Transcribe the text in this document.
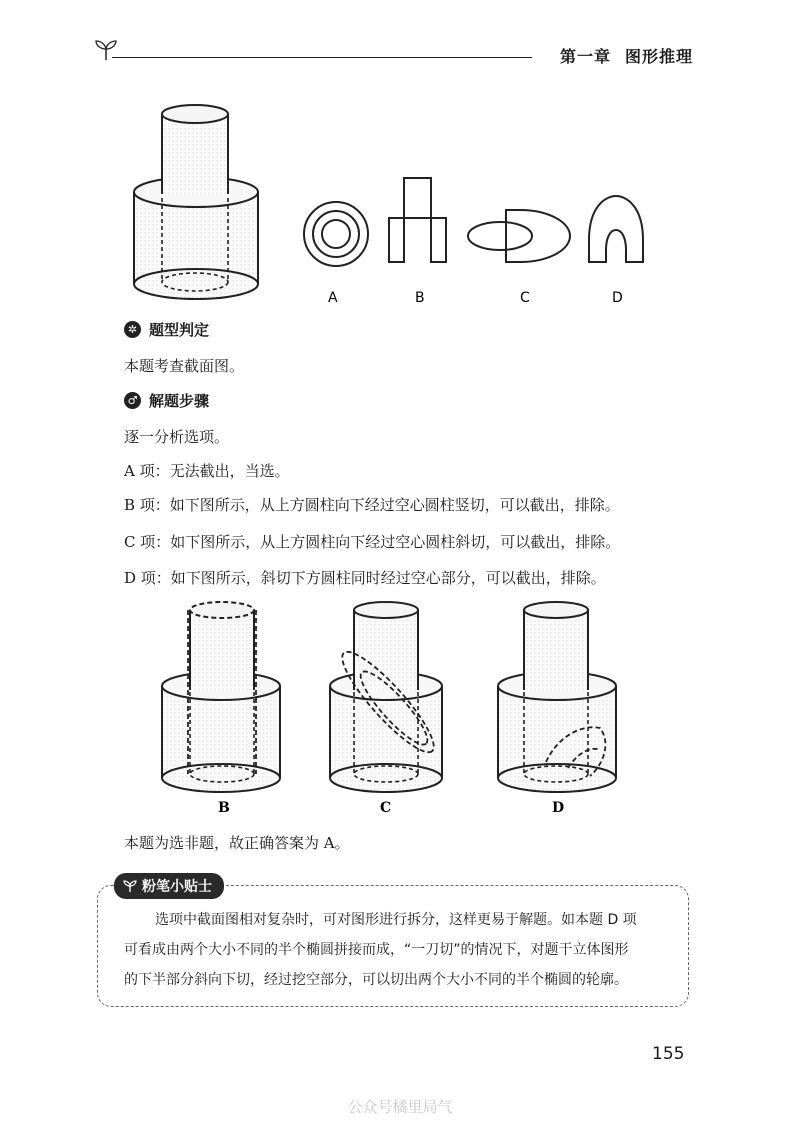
第一章 图形推理
A	B	C	D
✲ 题型判定
本题考查截面图。
♂ 解题步骤
逐一分析选项。
A 项：无法截出，当选。
B 项：如下图所示，从上方圆柱向下经过空心圆柱竖切，可以截出，排除。
C 项：如下图所示，从上方圆柱向下经过空心圆柱斜切，可以截出，排除。
D 项：如下图所示，斜切下方圆柱同时经过空心部分，可以截出，排除。
B	C	D
本题为选非题，故正确答案为 A。
粉笔小贴士
选项中截面图相对复杂时，可对图形进行拆分，这样更易于解题。如本题 D 项
可看成由两个大小不同的半个椭圆拼接而成，“一刀切”的情况下，对题干立体图形
的下半部分斜向下切，经过挖空部分，可以切出两个大小不同的半个椭圆的轮廓。
155
公众号橘里局气
